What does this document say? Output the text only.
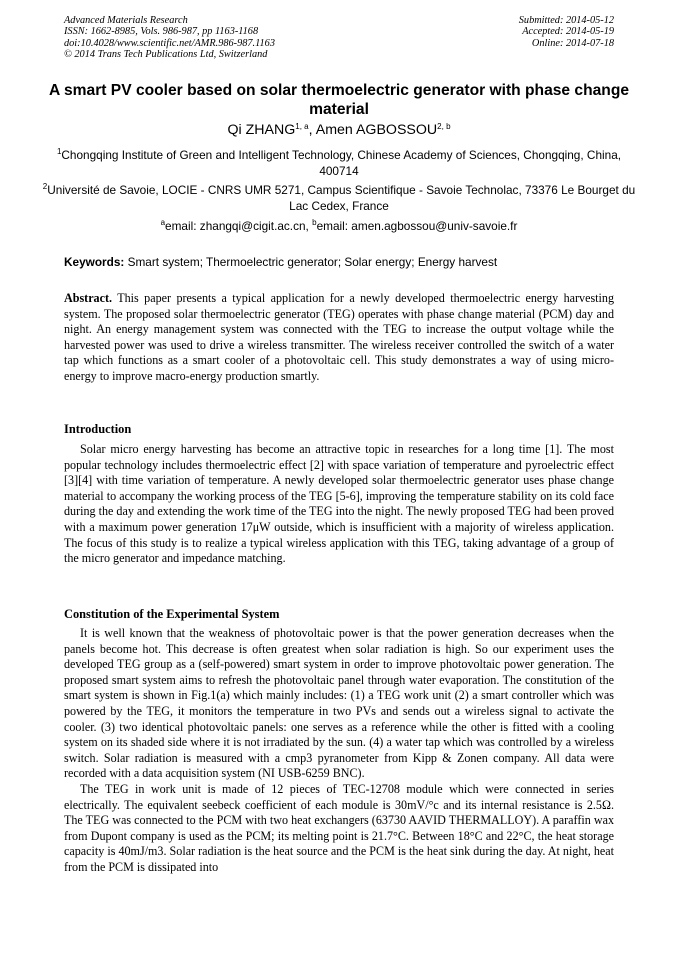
Advanced Materials Research
ISSN: 1662-8985, Vols. 986-987, pp 1163-1168
doi:10.4028/www.scientific.net/AMR.986-987.1163
© 2014 Trans Tech Publications Ltd, Switzerland
Submitted: 2014-05-12
Accepted: 2014-05-19
Online: 2014-07-18
A smart PV cooler based on solar thermoelectric generator with phase change material
Qi ZHANG$^{1, a}$, Amen AGBOSSOU$^{2, b}$
$^1$Chongqing Institute of Green and Intelligent Technology, Chinese Academy of Sciences, Chongqing, China, 400714
$^2$Université de Savoie, LOCIE - CNRS UMR 5271, Campus Scientifique - Savoie Technolac, 73376 Le Bourget du Lac Cedex, France
$^a$email: zhangqi@cigit.ac.cn, $^b$email: amen.agbossou@univ-savoie.fr
Keywords: Smart system; Thermoelectric generator; Solar energy; Energy harvest

Abstract. This paper presents a typical application for a newly developed thermoelectric energy harvesting system. The proposed solar thermoelectric generator (TEG) operates with phase change material (PCM) day and night. An energy management system was connected with the TEG to increase the output voltage while the harvested power was used to drive a wireless transmitter. The wireless receiver controlled the switch of a water tap which functions as a smart cooler of a photovoltaic cell. This study demonstrates a way of using micro-energy to improve macro-energy production smartly.

Introduction

Solar micro energy harvesting has become an attractive topic in researches for a long time [1]. The most popular technology includes thermoelectric effect [2] with space variation of temperature and pyroelectric effect [3][4] with time variation of temperature. A newly developed solar thermoelectric generator uses phase change material to accompany the working process of the TEG [5-6], improving the temperature stability on its cold face during the day and extending the work time of the TEG into the night. The newly proposed TEG had been proved with a maximum power generation 17μW outside, which is insufficient with a majority of wireless application. The focus of this study is to realize a typical wireless application with this TEG, taking advantage of a group of the micro generator and impedance matching.

Constitution of the Experimental System

It is well known that the weakness of photovoltaic power is that the power generation decreases when the panels become hot. This decrease is often greatest when solar radiation is high. So our experiment uses the developed TEG group as a (self-powered) smart system in order to improve photovoltaic power generation. The proposed smart system aims to refresh the photovoltaic panel through water evaporation. The constitution of the smart system is shown in Fig.1(a) which mainly includes: (1) a TEG work unit (2) a smart controller which was powered by the TEG, it monitors the temperature in two PVs and sends out a wireless signal to activate the cooler. (3) two identical photovoltaic panels: one serves as a reference while the other is fitted with a cooling system on its shaded side where it is not irradiated by the sun. (4) a water tap which was controlled by a wireless switch. Solar radiation is measured with a cmp3 pyranometer from Kipp & Zonen company. All data were recorded with a data acquisition system (NI USB-6259 BNC).

The TEG in work unit is made of 12 pieces of TEC-12708 module which were connected in series electrically. The equivalent seebeck coefficient of each module is 30mV/°c and its internal resistance is 2.5Ω. The TEG was connected to the PCM with two heat exchangers (63730 AAVID THERMALLOY). A paraffin wax from Dupont company is used as the PCM; its melting point is 21.7°C. Between 18°C and 22°C, the heat storage capacity is 40mJ/m3. Solar radiation is the heat source and the PCM is the heat sink during the day. At night, heat from the PCM is dissipated into
